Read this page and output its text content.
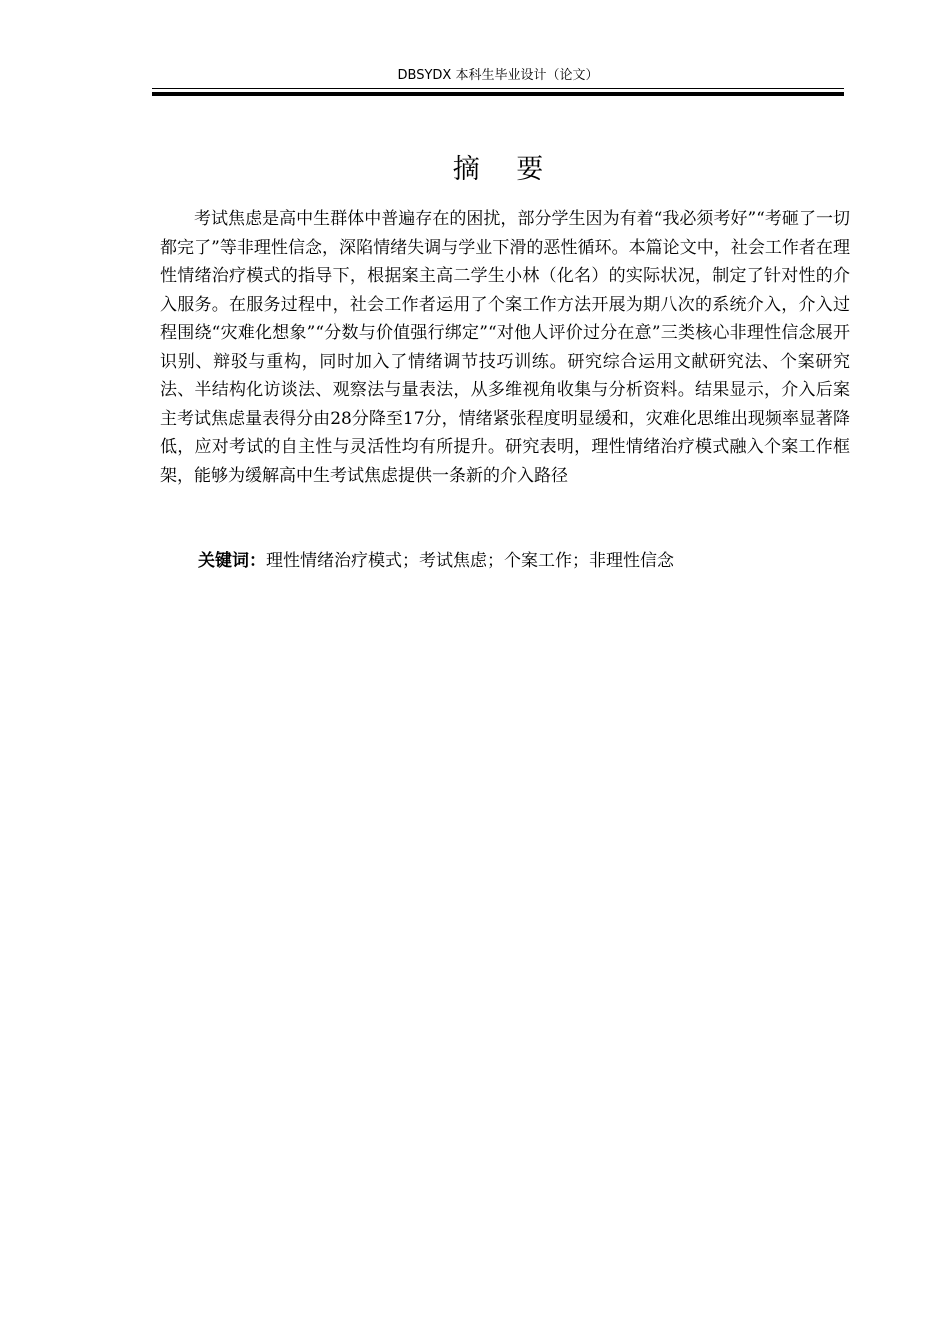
DBSYDX 本科生毕业设计（论文）
摘 要

考试焦虑是高中生群体中普遍存在的困扰，部分学生因为有着“我必须考好”“考砸了一切都完了”等非理性信念，深陷情绪失调与学业下滑的恶性循环。本篇论文中，社会工作者在理性情绪治疗模式的指导下，根据案主高二学生小林（化名）的实际状况，制定了针对性的介入服务。在服务过程中，社会工作者运用了个案工作方法开展为期八次的系统介入，介入过程围绕“灾难化想象”“分数与价值强行绑定”“对他人评价过分在意”三类核心非理性信念展开识别、辩驳与重构，同时加入了情绪调节技巧训练。研究综合运用文献研究法、个案研究法、半结构化访谈法、观察法与量表法，从多维视角收集与分析资料。结果显示，介入后案主考试焦虑量表得分由28分降至17分，情绪紧张程度明显缓和，灾难化思维出现频率显著降低，应对考试的自主性与灵活性均有所提升。研究表明，理性情绪治疗模式融入个案工作框架，能够为缓解高中生考试焦虑提供一条新的介入路径

关键词：理性情绪治疗模式；考试焦虑；个案工作；非理性信念
